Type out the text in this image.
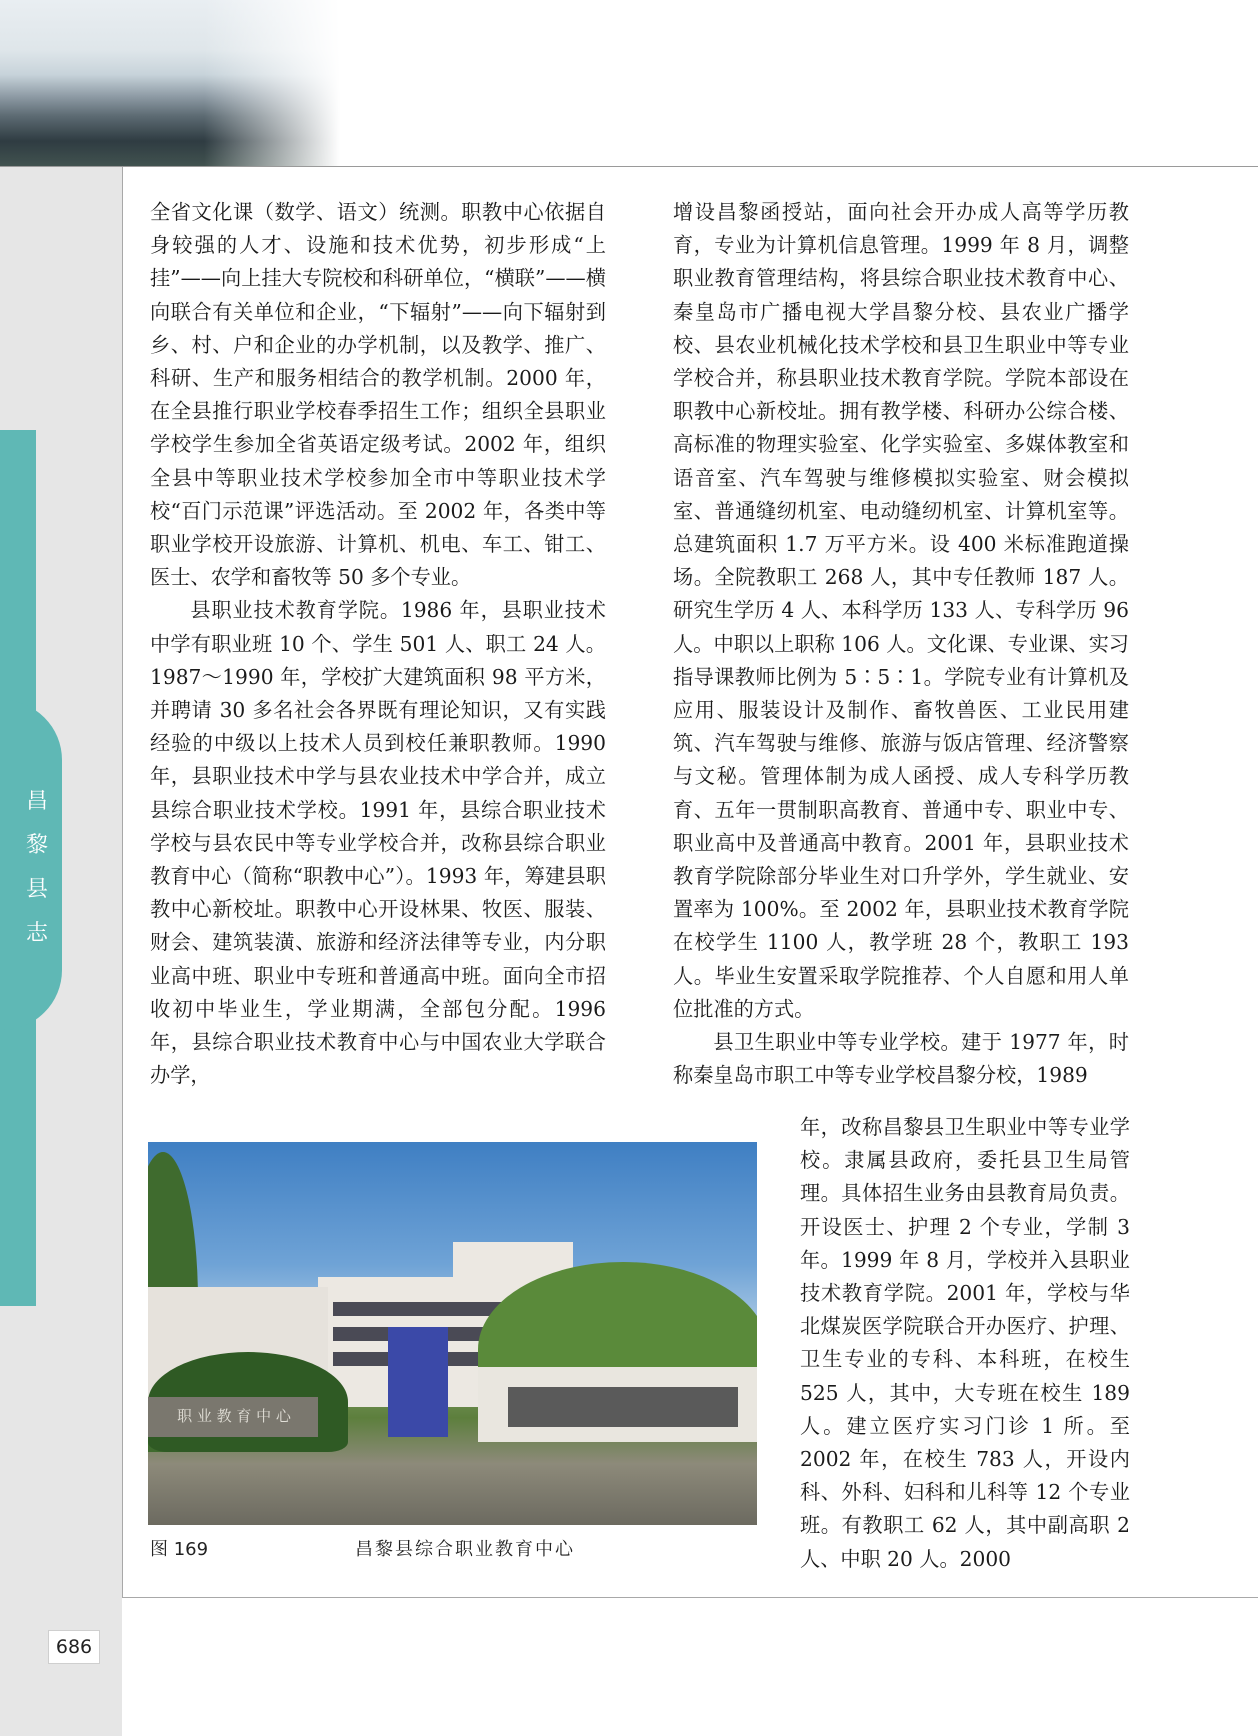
昌
黎
县
志

全省文化课（数学、语文）统测。职教中心依据自身较强的人才、设施和技术优势，初步形成“上挂”——向上挂大专院校和科研单位，“横联”——横向联合有关单位和企业，“下辐射”——向下辐射到乡、村、户和企业的办学机制，以及教学、推广、科研、生产和服务相结合的教学机制。2000 年，在全县推行职业学校春季招生工作；组织全县职业学校学生参加全省英语定级考试。2002 年，组织全县中等职业技术学校参加全市中等职业技术学校“百门示范课”评选活动。至 2002 年，各类中等职业学校开设旅游、计算机、机电、车工、钳工、医士、农学和畜牧等 50 多个专业。

县职业技术教育学院。1986 年，县职业技术中学有职业班 10 个、学生 501 人、职工 24 人。1987～1990 年，学校扩大建筑面积 98 平方米，并聘请 30 多名社会各界既有理论知识，又有实践经验的中级以上技术人员到校任兼职教师。1990 年，县职业技术中学与县农业技术中学合并，成立县综合职业技术学校。1991 年，县综合职业技术学校与县农民中等专业学校合并，改称县综合职业教育中心（简称“职教中心”）。1993 年，筹建县职教中心新校址。职教中心开设林果、牧医、服装、财会、建筑装潢、旅游和经济法律等专业，内分职业高中班、职业中专班和普通高中班。面向全市招收初中毕业生，学业期满，全部包分配。1996 年，县综合职业技术教育中心与中国农业大学联合办学，

增设昌黎函授站，面向社会开办成人高等学历教育，专业为计算机信息管理。1999 年 8 月，调整职业教育管理结构，将县综合职业技术教育中心、秦皇岛市广播电视大学昌黎分校、县农业广播学校、县农业机械化技术学校和县卫生职业中等专业学校合并，称县职业技术教育学院。学院本部设在职教中心新校址。拥有教学楼、科研办公综合楼、高标准的物理实验室、化学实验室、多媒体教室和语音室、汽车驾驶与维修模拟实验室、财会模拟室、普通缝纫机室、电动缝纫机室、计算机室等。总建筑面积 1.7 万平方米。设 400 米标准跑道操场。全院教职工 268 人，其中专任教师 187 人。研究生学历 4 人、本科学历 133 人、专科学历 96 人。中职以上职称 106 人。文化课、专业课、实习指导课教师比例为 5∶5∶1。学院专业有计算机及应用、服装设计及制作、畜牧兽医、工业民用建筑、汽车驾驶与维修、旅游与饭店管理、经济警察与文秘。管理体制为成人函授、成人专科学历教育、五年一贯制职高教育、普通中专、职业中专、职业高中及普通高中教育。2001 年，县职业技术教育学院除部分毕业生对口升学外，学生就业、安置率为 100%。至 2002 年，县职业技术教育学院在校学生 1100 人，教学班 28 个，教职工 193 人。毕业生安置采取学院推荐、个人自愿和用人单位批准的方式。

县卫生职业中等专业学校。建于 1977 年，时称秦皇岛市职工中等专业学校昌黎分校，1989

年，改称昌黎县卫生职业中等专业学校。隶属县政府，委托县卫生局管理。具体招生业务由县教育局负责。开设医士、护理 2 个专业，学制 3 年。1999 年 8 月，学校并入县职业技术教育学院。2001 年，学校与华北煤炭医学院联合开办医疗、护理、卫生专业的专科、本科班，在校生 525 人，其中，大专班在校生 189 人。建立医疗实习门诊 1 所。至 2002 年，在校生 783 人，开设内科、外科、妇科和儿科等 12 个专业班。有教职工 62 人，其中副高职 2 人、中职 20 人。2000

职 业 教 育 中 心
图 169	昌黎县综合职业教育中心
686
